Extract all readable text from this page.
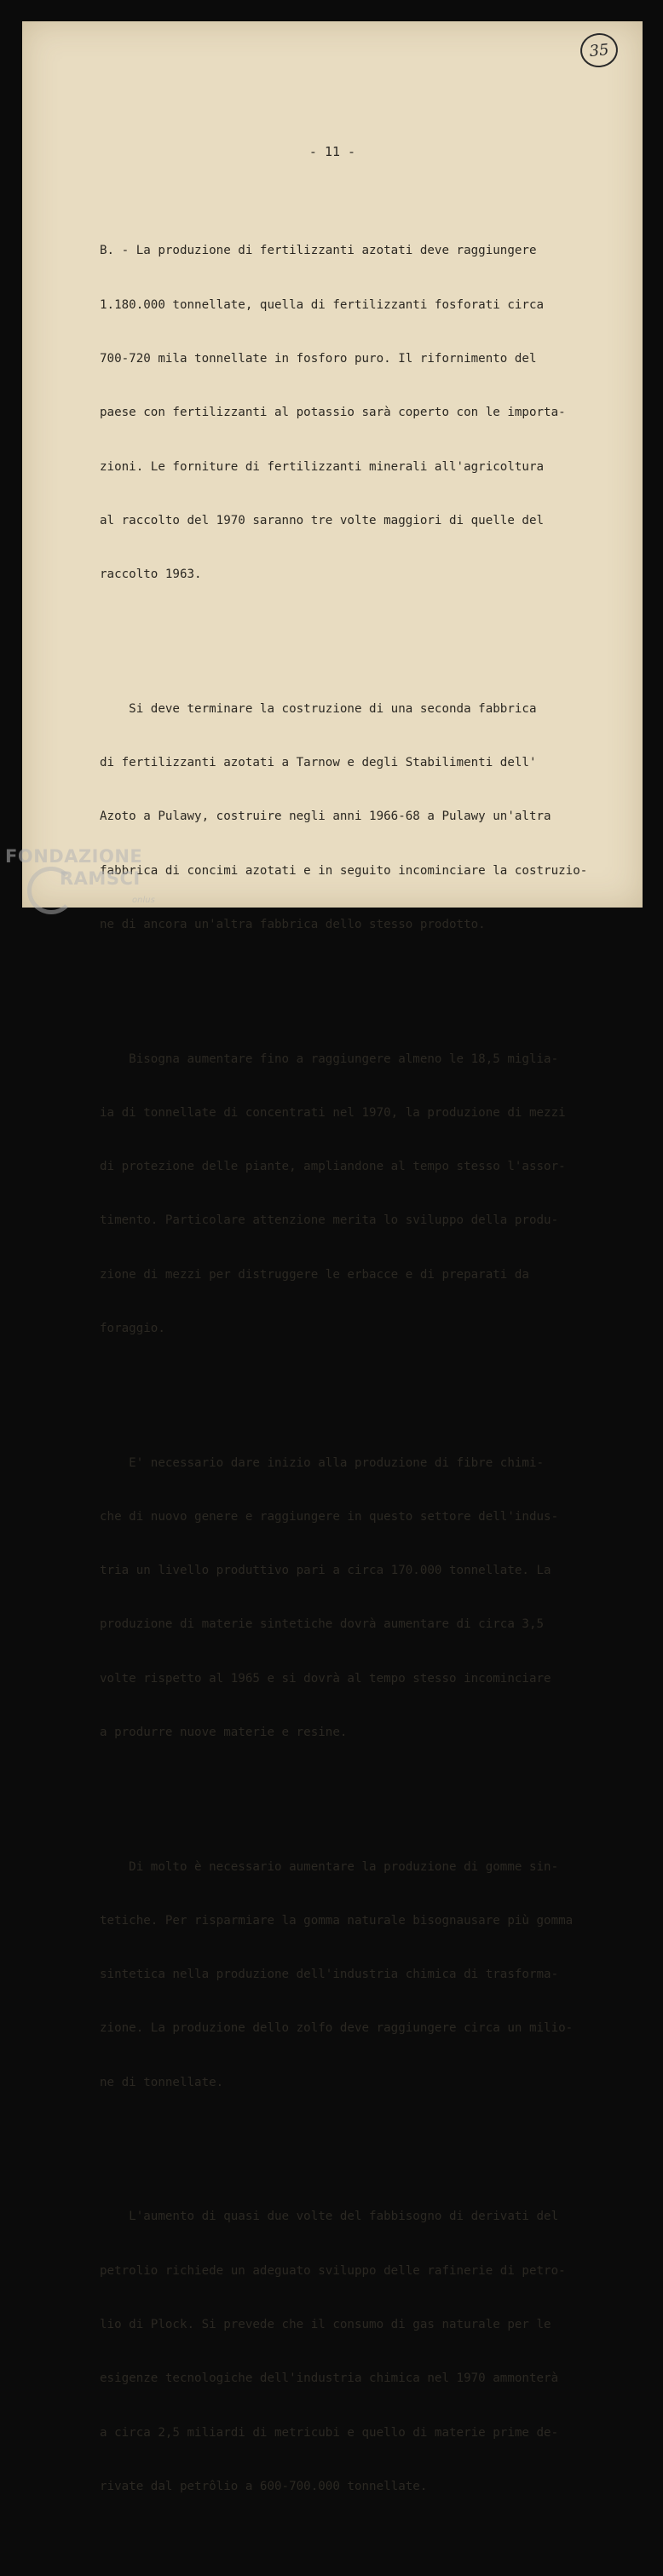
35
- 11 -

B. - La produzione di fertilizzanti azotati deve raggiungere

1.180.000 tonnellate, quella di fertilizzanti fosforati circa

700-720 mila tonnellate in fosforo puro. Il rifornimento del

paese con fertilizzanti al potassio sarà coperto con le importa-

zioni. Le forniture di fertilizzanti minerali all'agricoltura

al raccolto del 1970 saranno tre volte maggiori di quelle del

raccolto 1963.

Si deve terminare la costruzione di una seconda fabbrica

di fertilizzanti azotati a Tarnow e degli Stabilimenti dell'

Azoto a Pulawy, costruire negli anni 1966-68 a Pulawy un'altra

fabbrica di concimi azotati e in seguito incominciare la costruzio-

ne di ancora un'altra fabbrica dello stesso prodotto.

Bisogna aumentare fino a raggiungere almeno le 18,5 miglia-

ia di tonnellate di concentrati nel 1970, la produzione di mezzi

di protezione delle piante, ampliandone al tempo stesso l'assor-

timento. Particolare attenzione merita lo sviluppo della produ-

zione di mezzi per distruggere le erbacce e di preparati da

foraggio.

E' necessario dare inizio alla produzione di fibre chimi-

che di nuovo genere e raggiungere in questo settore dell'indus-

tria un livello produttivo pari a circa 170.000 tonnellate. La

produzione di materie sintetiche dovrà aumentare di circa 3,5

volte rispetto al 1965 e si dovrà al tempo stesso incominciare

a produrre nuove materie e resine.

Di molto è necessario aumentare la produzione di gomme sin-

tetiche. Per risparmiare la gomma naturale bisognausare più gomma

sintetica nella produzione dell'industria chimica di trasforma-

zione. La produzione dello zolfo deve raggiungere circa un milio-

ne di tonnellate.

L'aumento di quasi due volte del fabbisogno di derivati del

petrolio richiede un adeguato sviluppo delle rafinerie di petro-

lio di Plock. Si prevede che il consumo di gas naturale per le

esigenze tecnologiche dell'industria chimica nel 1970 ammonterà

a circa 2,5 miliardi di metricubi e quello di materie prime de-

rivate dal petrôlio a 600-700.000 tonnellate.

FONDAZIONE
RAMSCI
onlus
